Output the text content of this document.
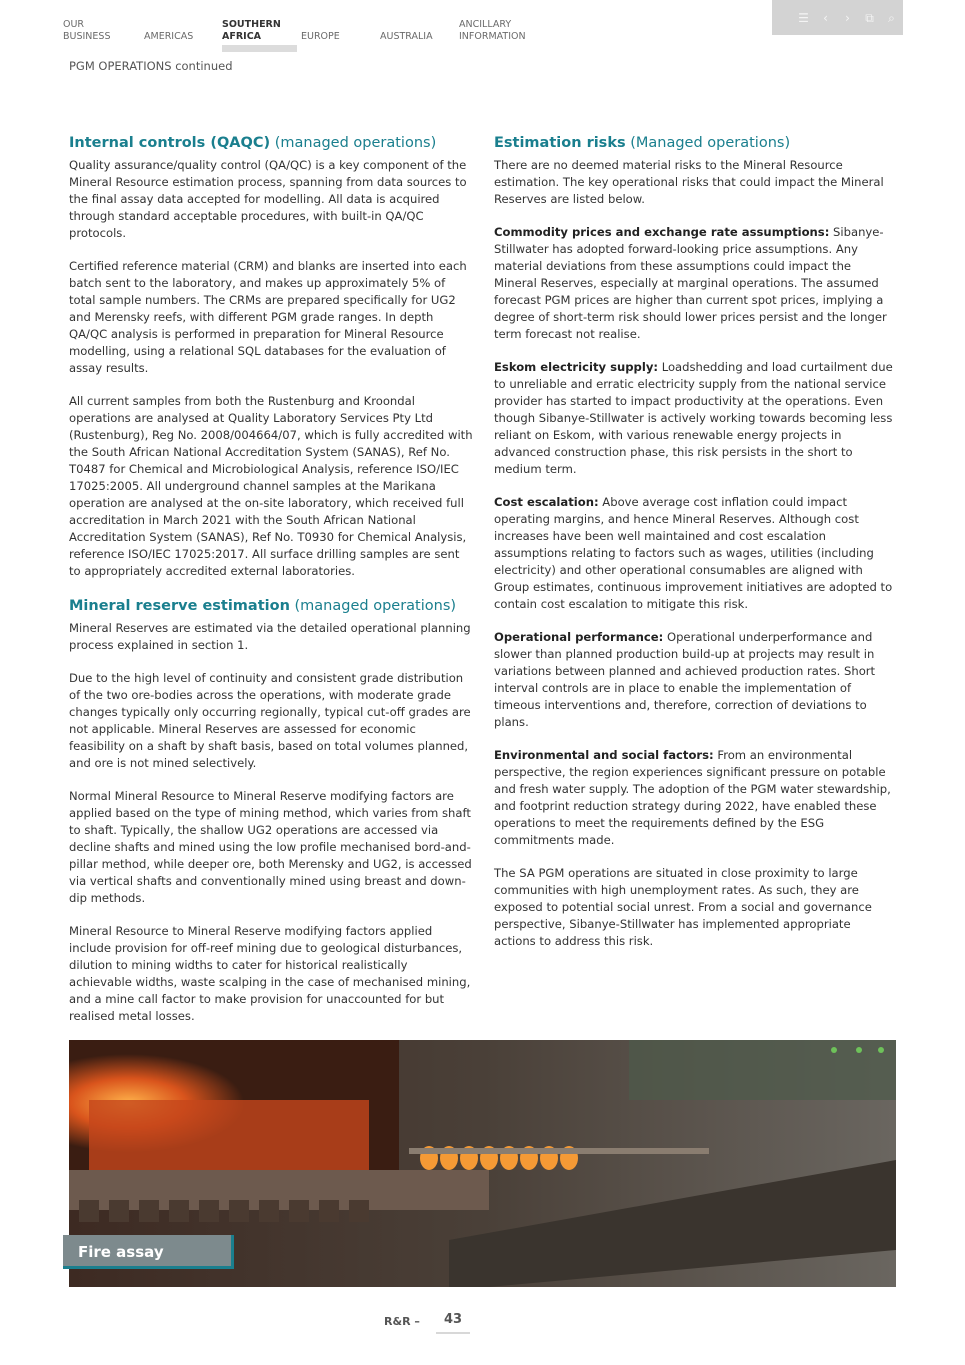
OUR
BUSINESS	AMERICAS
SOUTHERN
AFRICA	EUROPE	AUSTRALIA
ANCILLARY
INFORMATION
☰	‹	›	⧉	⌕
PGM OPERATIONS continued
Internal controls (QAQC) (managed operations)

Quality assurance/quality control (QA/QC) is a key component of the Mineral Resource estimation process, spanning from data sources to the final assay data accepted for modelling. All data is acquired through standard acceptable procedures, with built-in QA/QC protocols.

Certified reference material (CRM) and blanks are inserted into each batch sent to the laboratory, and makes up approximately 5% of total sample numbers. The CRMs are prepared specifically for UG2 and Merensky reefs, with different PGM grade ranges. In depth QA/QC analysis is performed in preparation for Mineral Resource modelling, using a relational SQL databases for the evaluation of assay results.

All current samples from both the Rustenburg and Kroondal operations are analysed at Quality Laboratory Services Pty Ltd (Rustenburg), Reg No. 2008/004664/07, which is fully accredited with the South African National Accreditation System (SANAS), Ref No. T0487 for Chemical and Microbiological Analysis, reference ISO/IEC 17025:2005. All underground channel samples at the Marikana operation are analysed at the on-site laboratory, which received full accreditation in March 2021 with the South African National Accreditation System (SANAS), Ref No. T0930 for Chemical Analysis, reference ISO/IEC 17025:2017. All surface drilling samples are sent to appropriately accredited external laboratories.

Mineral reserve estimation (managed operations)

Mineral Reserves are estimated via the detailed operational planning process explained in section 1.

Due to the high level of continuity and consistent grade distribution of the two ore-bodies across the operations, with moderate grade changes typically only occurring regionally, typical cut-off grades are not applicable. Mineral Reserves are assessed for economic feasibility on a shaft by shaft basis, based on total volumes planned, and ore is not mined selectively.

Normal Mineral Resource to Mineral Reserve modifying factors are applied based on the type of mining method, which varies from shaft to shaft. Typically, the shallow UG2 operations are accessed via decline shafts and mined using the low profile mechanised bord-and-pillar method, while deeper ore, both Merensky and UG2, is accessed via vertical shafts and conventionally mined using breast and down-dip methods.

Mineral Resource to Mineral Reserve modifying factors applied include provision for off-reef mining due to geological disturbances, dilution to mining widths to cater for historical realistically achievable widths, waste scalping in the case of mechanised mining, and a mine call factor to make provision for unaccounted for but realised metal losses.

Estimation risks (Managed operations)

There are no deemed material risks to the Mineral Resource estimation. The key operational risks that could impact the Mineral Reserves are listed below.

Commodity prices and exchange rate assumptions: Sibanye-Stillwater has adopted forward-looking price assumptions. Any material deviations from these assumptions could impact the Mineral Reserves, especially at marginal operations. The assumed forecast PGM prices are higher than current spot prices, implying a degree of short-term risk should lower prices persist and the longer term forecast not realise.

Eskom electricity supply: Loadshedding and load curtailment due to unreliable and erratic electricity supply from the national service provider has started to impact productivity at the operations. Even though Sibanye-Stillwater is actively working towards becoming less reliant on Eskom, with various renewable energy projects in advanced construction phase, this risk persists in the short to medium term.

Cost escalation: Above average cost inflation could impact operating margins, and hence Mineral Reserves. Although cost increases have been well maintained and cost escalation assumptions relating to factors such as wages, utilities (including electricity) and other operational consumables are aligned with Group estimates, continuous improvement initiatives are adopted to contain cost escalation to mitigate this risk.

Operational performance: Operational underperformance and slower than planned production build-up at projects may result in variations between planned and achieved production rates. Short interval controls are in place to enable the implementation of timeous interventions and, therefore, correction of deviations to plans.

Environmental and social factors: From an environmental perspective, the region experiences significant pressure on potable and fresh water supply. The adoption of the PGM water stewardship, and footprint reduction strategy during 2022, have enabled these operations to meet the requirements defined by the ESG commitments made.

The SA PGM operations are situated in close proximity to large communities with high unemployment rates. As such, they are exposed to potential social unrest. From a social and governance perspective, Sibanye-Stillwater has implemented appropriate actions to address this risk.

Fire assay
R&R –	43
